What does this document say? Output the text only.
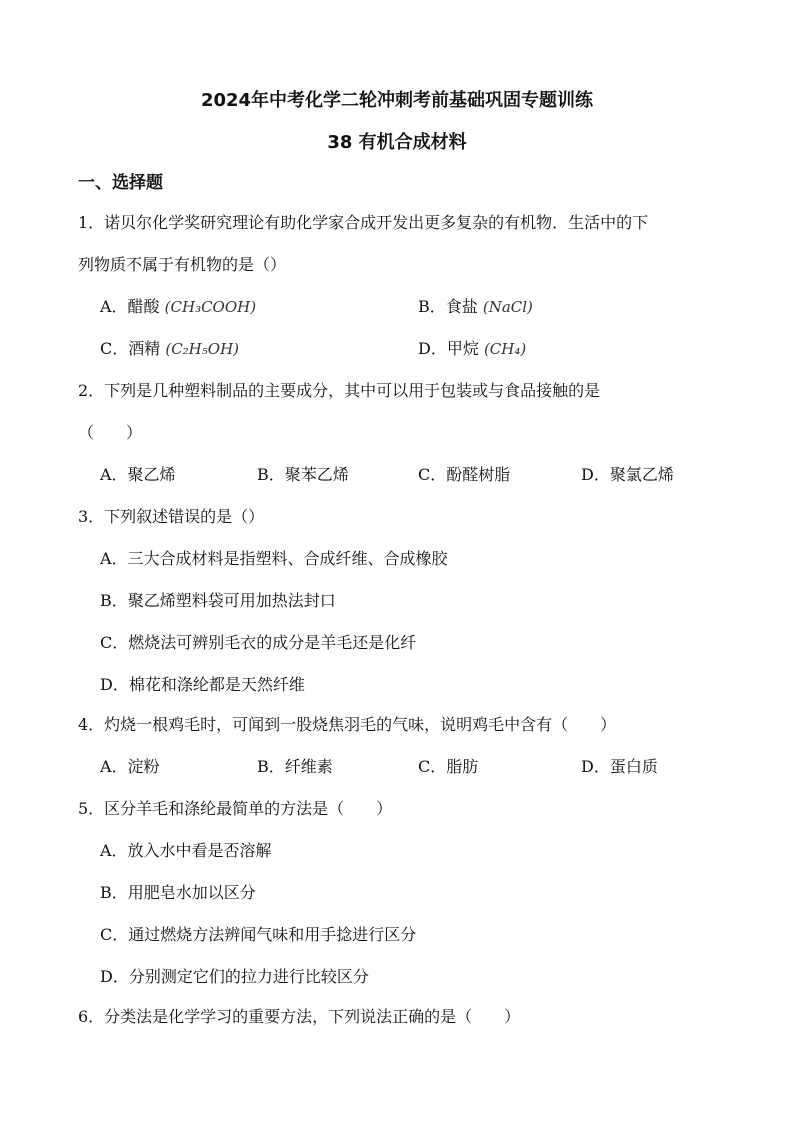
2024年中考化学二轮冲刺考前基础巩固专题训练
38 有机合成材料
一、选择题
1．诺贝尔化学奖研究理论有助化学家合成开发出更多复杂的有机物．生活中的下
列物质不属于有机物的是（）
A．醋酸 (CH₃COOH)	B．食盐 (NaCl)
C．酒精 (C₂H₅OH)	D．甲烷 (CH₄)
2．下列是几种塑料制品的主要成分，其中可以用于包装或与食品接触的是
（　　）
A．聚乙烯	B．聚苯乙烯	C．酚醛树脂	D．聚氯乙烯
3．下列叙述错误的是（）
A．三大合成材料是指塑料、合成纤维、合成橡胶
B．聚乙烯塑料袋可用加热法封口
C．燃烧法可辨别毛衣的成分是羊毛还是化纤
D．棉花和涤纶都是天然纤维
4．灼烧一根鸡毛时，可闻到一股烧焦羽毛的气味，说明鸡毛中含有（　　）
A．淀粉	B．纤维素	C．脂肪	D．蛋白质
5．区分羊毛和涤纶最简单的方法是（　　）
A．放入水中看是否溶解
B．用肥皂水加以区分
C．通过燃烧方法辨闻气味和用手捻进行区分
D．分别测定它们的拉力进行比较区分
6．分类法是化学学习的重要方法，下列说法正确的是（　　）
